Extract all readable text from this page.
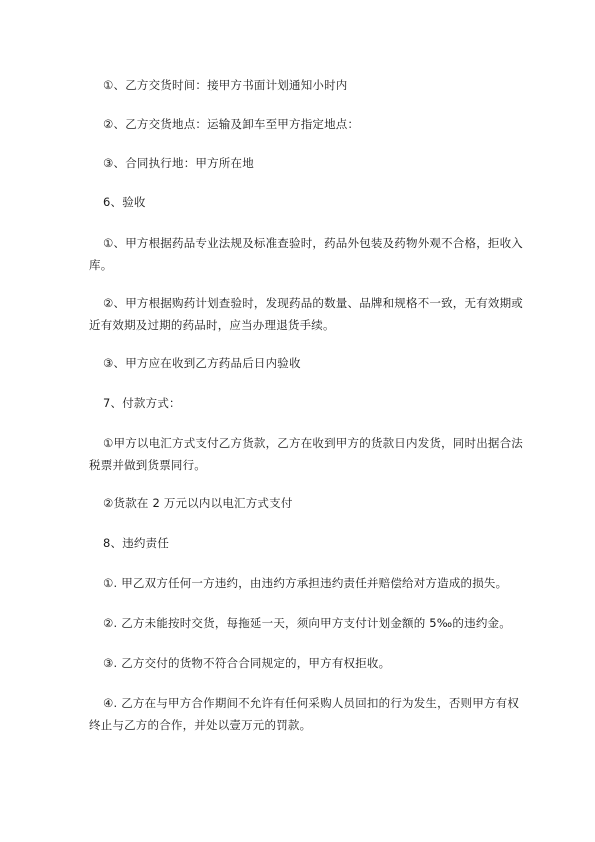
①、乙方交货时间：接甲方书面计划通知小时内

②、乙方交货地点：运输及卸车至甲方指定地点：

③、合同执行地：甲方所在地

6、验收

①、甲方根据药品专业法规及标准查验时，药品外包装及药物外观不合格，拒收入库。

②、甲方根据购药计划查验时，发现药品的数量、品牌和规格不一致，无有效期或近有效期及过期的药品时，应当办理退货手续。

③、甲方应在收到乙方药品后日内验收

7、付款方式：

①甲方以电汇方式支付乙方货款，乙方在收到甲方的货款日内发货，同时出据合法税票并做到货票同行。

②货款在 2 万元以内以电汇方式支付

8、违约责任

①. 甲乙双方任何一方违约，由违约方承担违约责任并赔偿给对方造成的损失。

②. 乙方未能按时交货，每拖延一天，须向甲方支付计划金额的 5‰的违约金。

③. 乙方交付的货物不符合合同规定的，甲方有权拒收。

④. 乙方在与甲方合作期间不允许有任何采购人员回扣的行为发生，否则甲方有权终止与乙方的合作，并处以壹万元的罚款。
